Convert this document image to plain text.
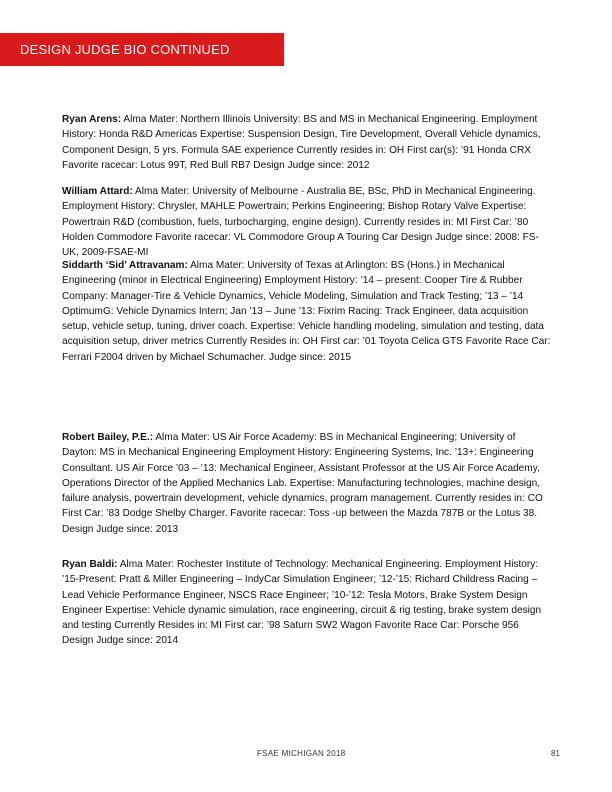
DESIGN JUDGE BIO CONTINUED

Ryan Arens: Alma Mater: Northern Illinois University: BS and MS in Mechanical Engineering. Employment History: Honda R&D Americas Expertise: Suspension Design, Tire Development, Overall Vehicle dynamics, Component Design, 5 yrs. Formula SAE experience Currently resides in: OH First car(s): ’91 Honda CRX Favorite racecar: Lotus 99T, Red Bull RB7 Design Judge since: 2012

William Attard: Alma Mater: University of Melbourne - Australia BE, BSc, PhD in Mechanical Engineering. Employment History: Chrysler, MAHLE Powertrain; Perkins Engineering; Bishop Rotary Valve Expertise: Powertrain R&D (combustion, fuels, turbocharging, engine design). Currently resides in: MI First Car: ’80 Holden Commodore Favorite racecar: VL Commodore Group A Touring Car Design Judge since: 2008: FS-UK, 2009-FSAE-MI

Siddarth ‘Sid’ Attravanam: Alma Mater: University of Texas at Arlington: BS (Hons.) in Mechanical Engineering (minor in Electrical Engineering) Employment History: ’14 – present: Cooper Tire & Rubber Company: Manager-Tire & Vehicle Dynamics, Vehicle Modeling, Simulation and Track Testing; ’13 – ’14 OptimumG: Vehicle Dynamics Intern; Jan ’13 – June ’13: Fixrim Racing: Track Engineer, data acquisition setup, vehicle setup, tuning, driver coach. Expertise: Vehicle handling modeling, simulation and testing, data acquisition setup, driver metrics Currently Resides in: OH First car: ’01 Toyota Celica GTS Favorite Race Car: Ferrari F2004 driven by Michael Schumacher. Judge since: 2015

Robert Bailey, P.E.: Alma Mater: US Air Force Academy: BS in Mechanical Engineering; University of Dayton: MS in Mechanical Engineering Employment History: Engineering Systems, Inc. ’13+: Engineering Consultant. US Air Force ’03 – ’13: Mechanical Engineer, Assistant Professor at the US Air Force Academy, Operations Director of the Applied Mechanics Lab. Expertise: Manufacturing technologies, machine design, failure analysis, powertrain development, vehicle dynamics, program management. Currently resides in: CO First Car: ’83 Dodge Shelby Charger. Favorite racecar: Toss -up between the Mazda 787B or the Lotus 38. Design Judge since: 2013

Ryan Baldi: Alma Mater: Rochester Institute of Technology: Mechanical Engineering. Employment History: ’15-Present: Pratt & Miller Engineering – IndyCar Simulation Engineer; ’12-’15: Richard Childress Racing – Lead Vehicle Performance Engineer, NSCS Race Engineer; ’10-’12: Tesla Motors, Brake System Design Engineer Expertise: Vehicle dynamic simulation, race engineering, circuit & rig testing, brake system design and testing Currently Resides in: MI First car: ’98 Saturn SW2 Wagon Favorite Race Car: Porsche 956 Design Judge since: 2014

FSAE MICHIGAN 2018	81
